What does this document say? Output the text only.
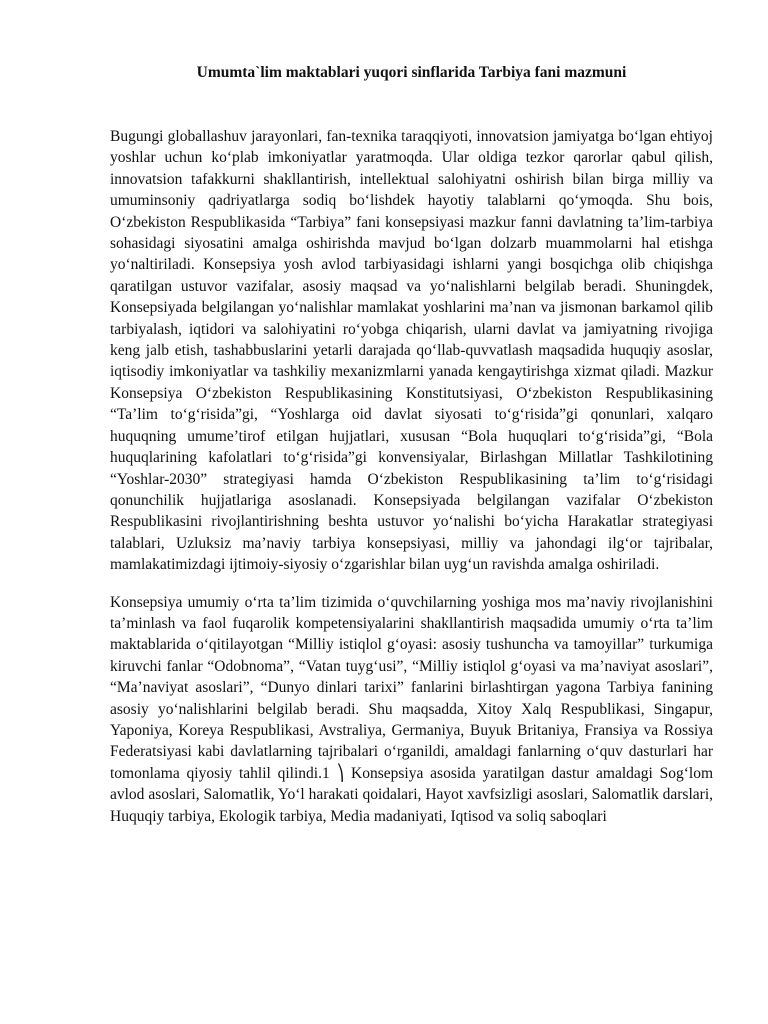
Umumta`lim maktablari yuqori sinflarida Tarbiya fani mazmuni

Bugungi globallashuv jarayonlari, fan-texnika taraqqiyoti, innovatsion jamiyatga bo‘lgan ehtiyoj yoshlar uchun ko‘plab imkoniyatlar yaratmoqda. Ular oldiga tezkor qarorlar qabul qilish, innovatsion tafakkurni shakllantirish, intellektual salohiyatni oshirish bilan birga milliy va umuminsoniy qadriyatlarga sodiq bo‘lishdek hayotiy talablarni qo‘ymoqda. Shu bois, O‘zbekiston Respublikasida “Tarbiya” fani konsepsiyasi mazkur fanni davlatning ta’lim-tarbiya sohasidagi siyosatini amalga oshirishda mavjud bo‘lgan dolzarb muammolarni hal etishga yo‘naltiriladi. Konsepsiya yosh avlod tarbiyasidagi ishlarni yangi bosqichga olib chiqishga qaratilgan ustuvor vazifalar, asosiy maqsad va yo‘nalishlarni belgilab beradi. Shuningdek, Konsepsiyada belgilangan yo‘nalishlar mamlakat yoshlarini ma’nan va jismonan barkamol qilib tarbiyalash, iqtidori va salohiyatini ro‘yobga chiqarish, ularni davlat va jamiyatning rivojiga keng jalb etish, tashabbuslarini yetarli darajada qo‘llab-quvvatlash maqsadida huquqiy asoslar, iqtisodiy imkoniyatlar va tashkiliy mexanizmlarni yanada kengaytirishga xizmat qiladi. Mazkur Konsepsiya O‘zbekiston Respublikasining Konstitutsiyasi, O‘zbekiston Respublikasining “Ta’lim to‘g‘risida”gi, “Yoshlarga oid davlat siyosati to‘g‘risida”gi qonunlari, xalqaro huquqning umume’tirof etilgan hujjatlari, xususan “Bola huquqlari to‘g‘risida”gi, “Bola huquqlarining kafolatlari to‘g‘risida”gi konvensiyalar, Birlashgan Millatlar Tashkilotining “Yoshlar-2030” strategiyasi hamda O‘zbekiston Respublikasining ta’lim to‘g‘risidagi qonunchilik hujjatlariga asoslanadi. Konsepsiyada belgilangan vazifalar O‘zbekiston Respublikasini rivojlantirishning beshta ustuvor yo‘nalishi bo‘yicha Harakatlar strategiyasi talablari, Uzluksiz ma’naviy tarbiya konsepsiyasi, milliy va jahondagi ilg‘or tajribalar, mamlakatimizdagi ijtimoiy-siyosiy o‘zgarishlar bilan uyg‘un ravishda amalga oshiriladi.

Konsepsiya umumiy o‘rta ta’lim tizimida o‘quvchilarning yoshiga mos ma’naviy rivojlanishini ta’minlash va faol fuqarolik kompetensiyalarini shakllantirish maqsadida umumiy o‘rta ta’lim maktablarida o‘qitilayotgan “Milliy istiqlol g‘oyasi: asosiy tushuncha va tamoyillar” turkumiga kiruvchi fanlar “Odobnoma”, “Vatan tuyg‘usi”, “Milliy istiqlol g‘oyasi va ma’naviyat asoslari”, “Ma’naviyat asoslari”, “Dunyo dinlari tarixi” fanlarini birlashtirgan yagona Tarbiya fanining asosiy yo‘nalishlarini belgilab beradi. Shu maqsadda, Xitoy Xalq Respublikasi, Singapur, Yaponiya, Koreya Respublikasi, Avstraliya, Germaniya, Buyuk Britaniya, Fransiya va Rossiya Federatsiyasi kabi davlatlarning tajribalari o‘rganildi, amaldagi fanlarning o‘quv dasturlari har tomonlama qiyosiy tahlil qilindi.1 ⎞ Konsepsiya asosida yaratilgan dastur amaldagi Sog‘lom avlod asoslari, Salomatlik, Yo‘l harakati qoidalari, Hayot xavfsizligi asoslari, Salomatlik darslari, Huquqiy tarbiya, Ekologik tarbiya, Media madaniyati, Iqtisod va soliq saboqlari
